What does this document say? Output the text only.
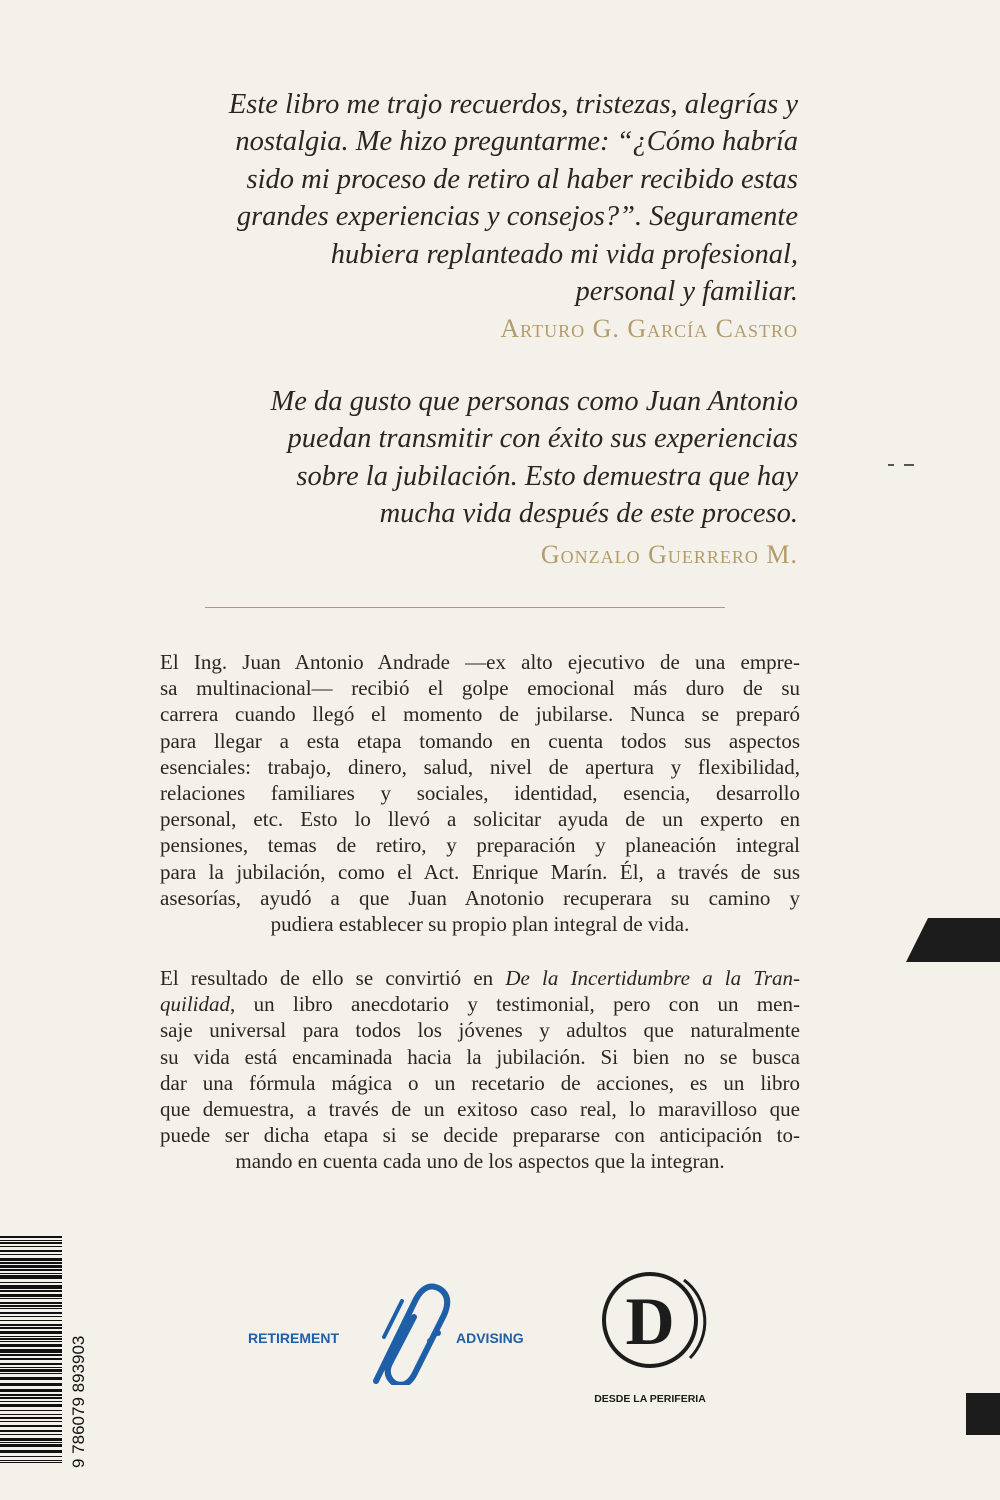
Este libro me trajo recuerdos, tristezas, alegrías y
nostalgia. Me hizo preguntarme: “¿Cómo habría
sido mi proceso de retiro al haber recibido estas
grandes experiencias y consejos?”. Seguramente
hubiera replanteado mi vida profesional,
personal y familiar.

Arturo G. García Castro

Me da gusto que personas como Juan Antonio
puedan transmitir con éxito sus experiencias
sobre la jubilación. Esto demuestra que hay
mucha vida después de este proceso.

Gonzalo Guerrero M.
El Ing. Juan Antonio Andrade —ex alto ejecutivo de una empre-
sa multinacional— recibió el golpe emocional más duro de su
carrera cuando llegó el momento de jubilarse. Nunca se preparó
para llegar a esta etapa tomando en cuenta todos sus aspectos
esenciales: trabajo, dinero, salud, nivel de apertura y flexibilidad,
relaciones familiares y sociales, identidad, esencia, desarrollo
personal, etc. Esto lo llevó a solicitar ayuda de un experto en
pensiones, temas de retiro, y preparación y planeación integral
para la jubilación, como el Act. Enrique Marín. Él, a través de sus
asesorías, ayudó a que Juan Anotonio recuperara su camino y
pudiera establecer su propio plan integral de vida.
El resultado de ello se convirtió en De la Incertidumbre a la Tran-
quilidad, un libro anecdotario y testimonial, pero con un men-
saje universal para todos los jóvenes y adultos que naturalmente
su vida está encaminada hacia la jubilación. Si bien no se busca
dar una fórmula mágica o un recetario de acciones, es un libro
que demuestra, a través de un exitoso caso real, lo maravilloso que
puede ser dicha etapa si se decide prepararse con anticipación to-
mando en cuenta cada uno de los aspectos que la integran.
9 786079 893903	RETIREMENT	ADVISING D
DESDE LA PERIFERIA
